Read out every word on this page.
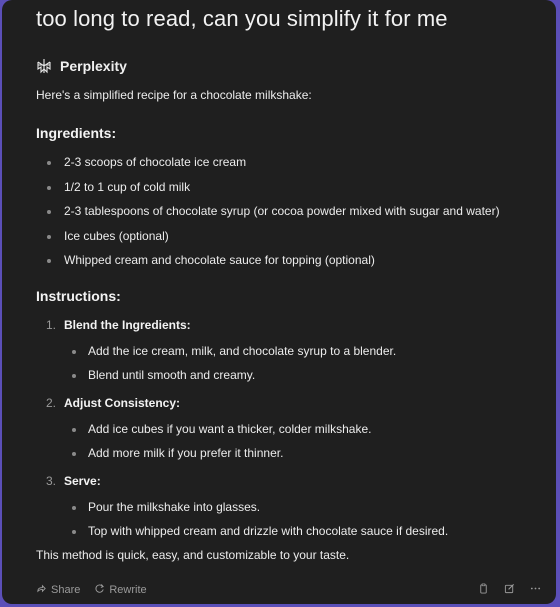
too long to read, can you simplify it for me
Perplexity

Here's a simplified recipe for a chocolate milkshake:

Ingredients:
2-3 scoops of chocolate ice cream
1/2 to 1 cup of cold milk
2-3 tablespoons of chocolate syrup (or cocoa powder mixed with sugar and water)
Ice cubes (optional)
Whipped cream and chocolate sauce for topping (optional)
Instructions:
1. Blend the Ingredients:
Add the ice cream, milk, and chocolate syrup to a blender.
Blend until smooth and creamy.
2. Adjust Consistency:
Add ice cubes if you want a thicker, colder milkshake.
Add more milk if you prefer it thinner.
3. Serve:
Pour the milkshake into glasses.
Top with whipped cream and drizzle with chocolate sauce if desired.
This method is quick, easy, and customizable to your taste.
Share	Rewrite
